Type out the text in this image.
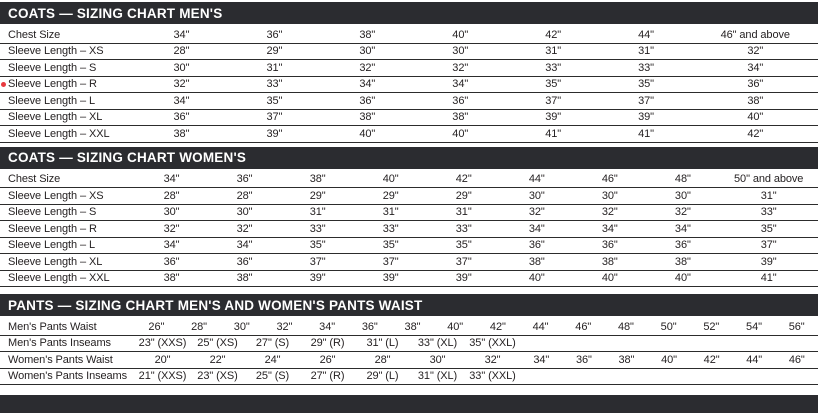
COATS — SIZING CHART MEN'S
Chest Size	34"	36"	38"	40"	42"	44"	46" and above
Sleeve Length – XS	28"	29"	30"	30"	31"	31"	32"
Sleeve Length – S	30"	31"	32"	32"	33"	33"	34"
Sleeve Length – R	32"	33"	34"	34"	35"	35"	36"
Sleeve Length – L	34"	35"	36"	36"	37"	37"	38"
Sleeve Length – XL	36"	37"	38"	38"	39"	39"	40"
Sleeve Length – XXL	38"	39"	40"	40"	41"	41"	42"
COATS — SIZING CHART WOMEN'S
Chest Size	34"	36"	38"	40"	42"	44"	46"	48"	50" and above
Sleeve Length – XS	28"	28"	29"	29"	29"	30"	30"	30"	31"
Sleeve Length – S	30"	30"	31"	31"	31"	32"	32"	32"	33"
Sleeve Length – R	32"	32"	33"	33"	33"	34"	34"	34"	35"
Sleeve Length – L	34"	34"	35"	35"	35"	36"	36"	36"	37"
Sleeve Length – XL	36"	36"	37"	37"	37"	38"	38"	38"	39"
Sleeve Length – XXL	38"	38"	39"	39"	39"	40"	40"	40"	41"
PANTS — SIZING CHART MEN'S AND WOMEN'S PANTS WAIST
Men's Pants Waist	26"	28"	30"	32"	34"	36"	38"	40"	42"	44"	46"	48"	50"	52"	54"	56"
Men's Pants Inseams	23" (XXS) 25" (XS)	27" (S)	29" (R)	31" (L)	33" (XL)	35" (XXL)
Women's Pants Waist	20"	22"	24"	26"	28"	30"	32"	34"	36"	38"	40"	42"	44"	46"
Women's Pants Inseams	21" (XXS) 23" (XS)	25" (S)	27" (R)	29" (L)	31" (XL)	33" (XXL)
